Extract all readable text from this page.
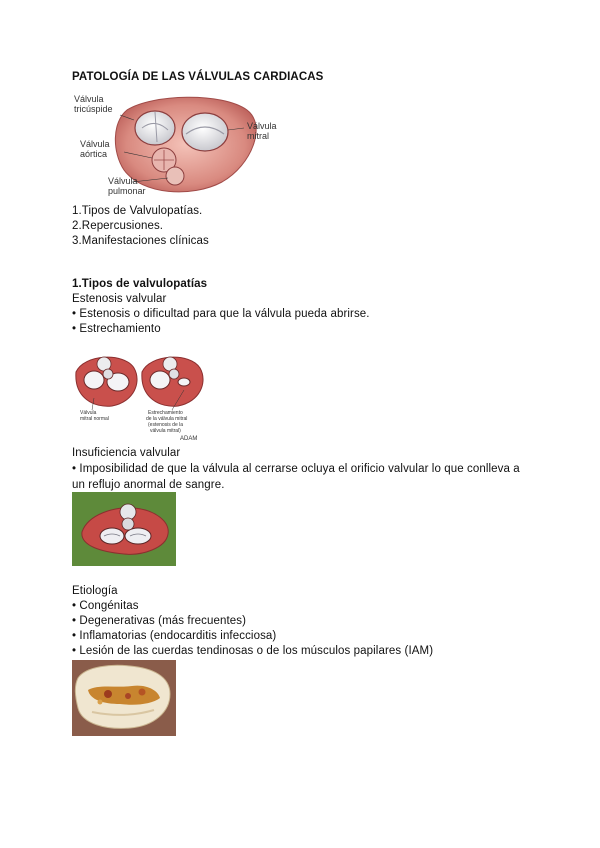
PATOLOGÍA DE LAS VÁLVULAS CARDIACAS
Válvula
tricúspide
Válvula
aórtica
Válvula
pulmonar
Válvula
mitral
1.Tipos de Valvulopatías.
2.Repercusiones.
3.Manifestaciones clínicas
1.Tipos de valvulopatías
Estenosis valvular
• Estenosis o dificultad para que la válvula pueda abrirse.
• Estrechamiento
Válvula
mitral normal
Estrechamiento
de la válvula mitral
(estenosis de la
válvula mitral)
ADAM
Insuficiencia valvular
• Imposibilidad de que la válvula al cerrarse ocluya el orificio valvular lo que conlleva a un reflujo anormal de sangre.
Etiología
• Congénitas
• Degenerativas (más frecuentes)
• Inflamatorias (endocarditis infecciosa)
• Lesión de las cuerdas tendinosas o de los músculos papilares (IAM)
